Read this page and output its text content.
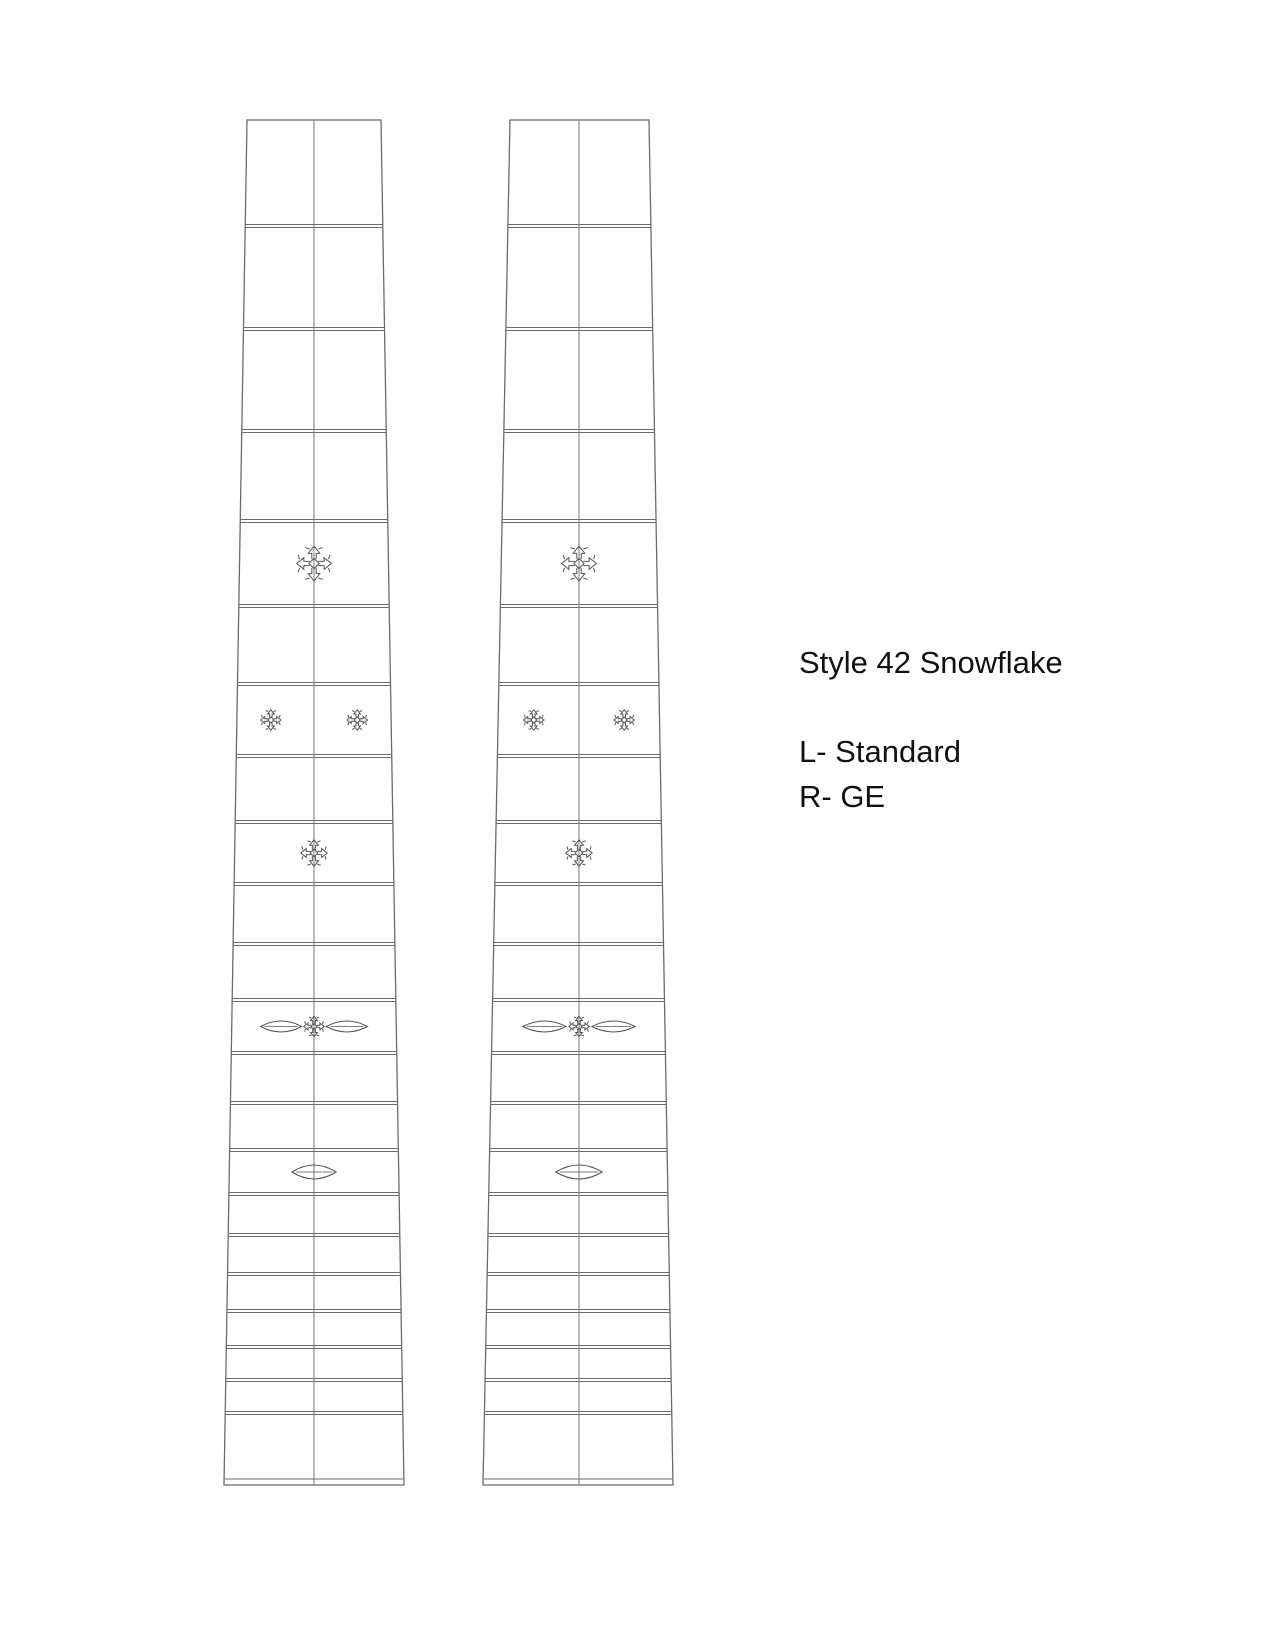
Style 42 Snowflake
L- Standard
R- GE
